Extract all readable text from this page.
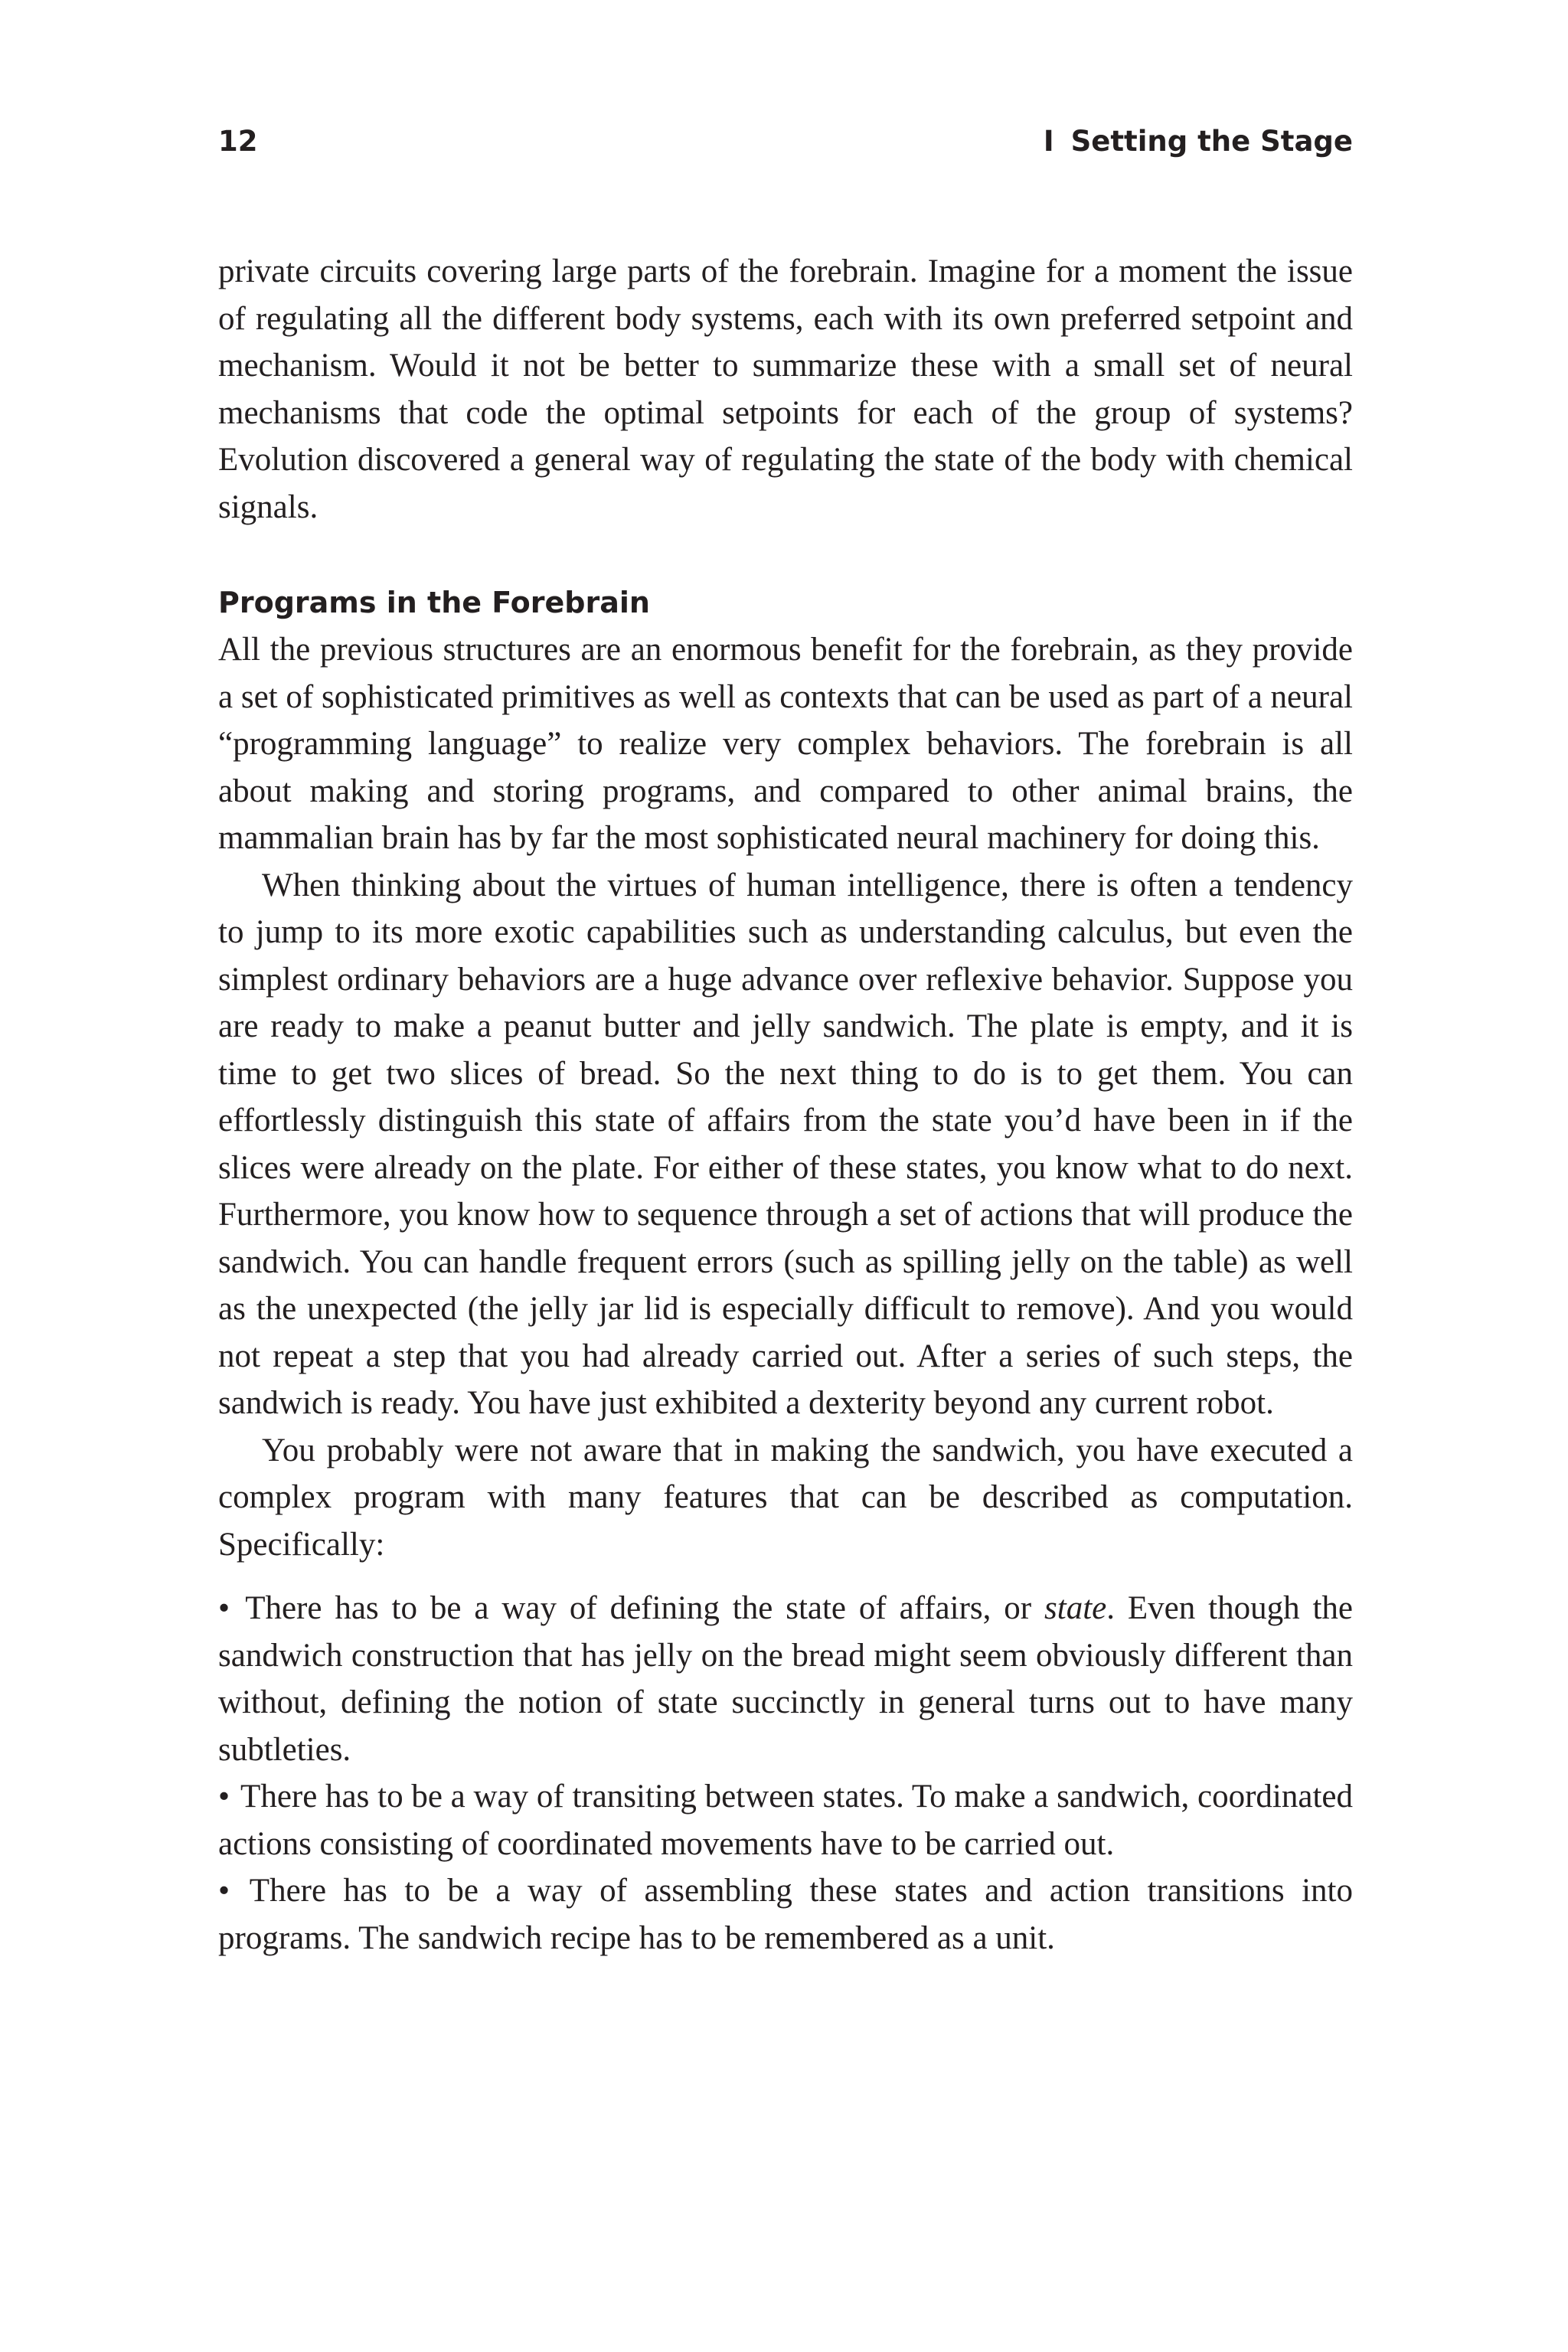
12	I Setting the Stage

private circuits covering large parts of the forebrain. Imagine for a moment the issue of regulating all the different body systems, each with its own preferred setpoint and mechanism. Would it not be better to summarize these with a small set of neural mechanisms that code the optimal setpoints for each of the group of systems? Evolution discovered a general way of regulating the state of the body with chemical signals.

Programs in the Forebrain

All the previous structures are an enormous benefit for the forebrain, as they provide a set of sophisticated primitives as well as contexts that can be used as part of a neural “programming language” to realize very complex behaviors. The forebrain is all about making and storing programs, and compared to other animal brains, the mammalian brain has by far the most sophisticated neural machinery for doing this.

When thinking about the virtues of human intelligence, there is often a tendency to jump to its more exotic capabilities such as understanding calculus, but even the simplest ordinary behaviors are a huge advance over reflexive behavior. Suppose you are ready to make a peanut butter and jelly sandwich. The plate is empty, and it is time to get two slices of bread. So the next thing to do is to get them. You can effortlessly distinguish this state of affairs from the state you’d have been in if the slices were already on the plate. For either of these states, you know what to do next. Furthermore, you know how to sequence through a set of actions that will produce the sandwich. You can handle frequent errors (such as spilling jelly on the table) as well as the unexpected (the jelly jar lid is especially difficult to remove). And you would not repeat a step that you had already carried out. After a series of such steps, the sandwich is ready. You have just exhibited a dexterity beyond any current robot.

You probably were not aware that in making the sandwich, you have executed a complex program with many features that can be described as computation. Specifically:

• There has to be a way of defining the state of affairs, or state. Even though the sandwich construction that has jelly on the bread might seem obviously different than without, defining the notion of state succinctly in general turns out to have many subtleties.

• There has to be a way of transiting between states. To make a sandwich, coordinated actions consisting of coordinated movements have to be carried out.

• There has to be a way of assembling these states and action transitions into programs. The sandwich recipe has to be remembered as a unit.
